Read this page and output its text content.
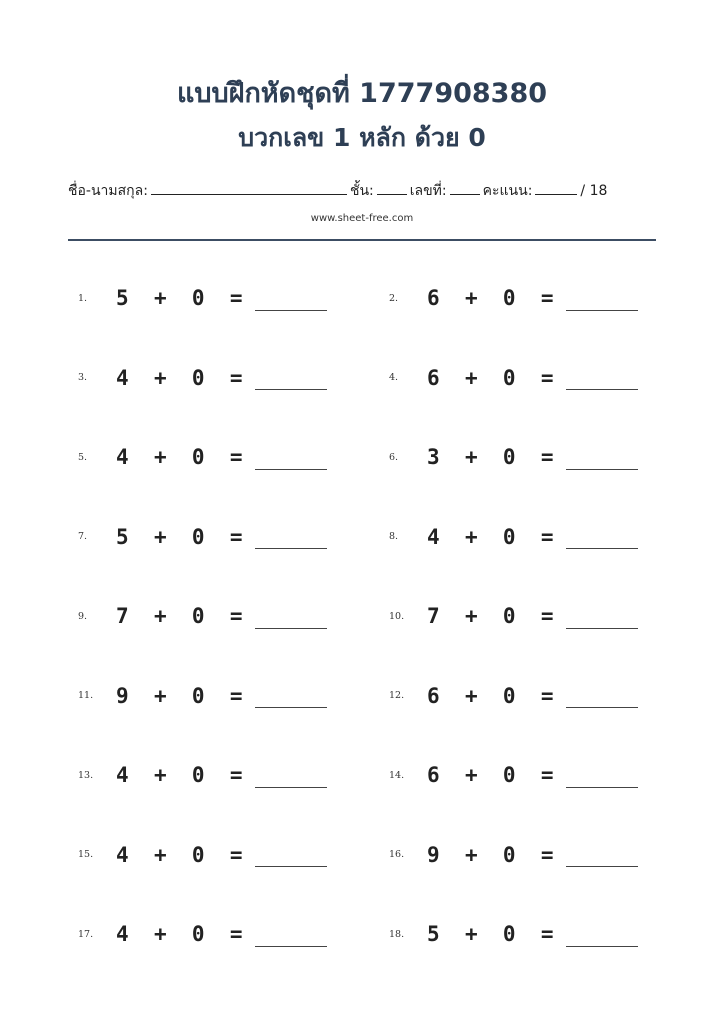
แบบฝึกหัดชุดที่ 1777908380
บวกเลข 1 หลัก ด้วย 0
ชื่อ-นามสกุล:	ชั้น:	เลขที่:	คะแนน:	/ 18
www.sheet-free.com
1.	5 + 0 =	2.	6 + 0 =
3.	4 + 0 =	4.	6 + 0 =
5.	4 + 0 =	6.	3 + 0 =
7.	5 + 0 =	8.	4 + 0 =
9.	7 + 0 =	10.	7 + 0 =
11.	9 + 0 =	12.	6 + 0 =
13.	4 + 0 =	14.	6 + 0 =
15.	4 + 0 =	16.	9 + 0 =
17.	4 + 0 =	18.	5 + 0 =
